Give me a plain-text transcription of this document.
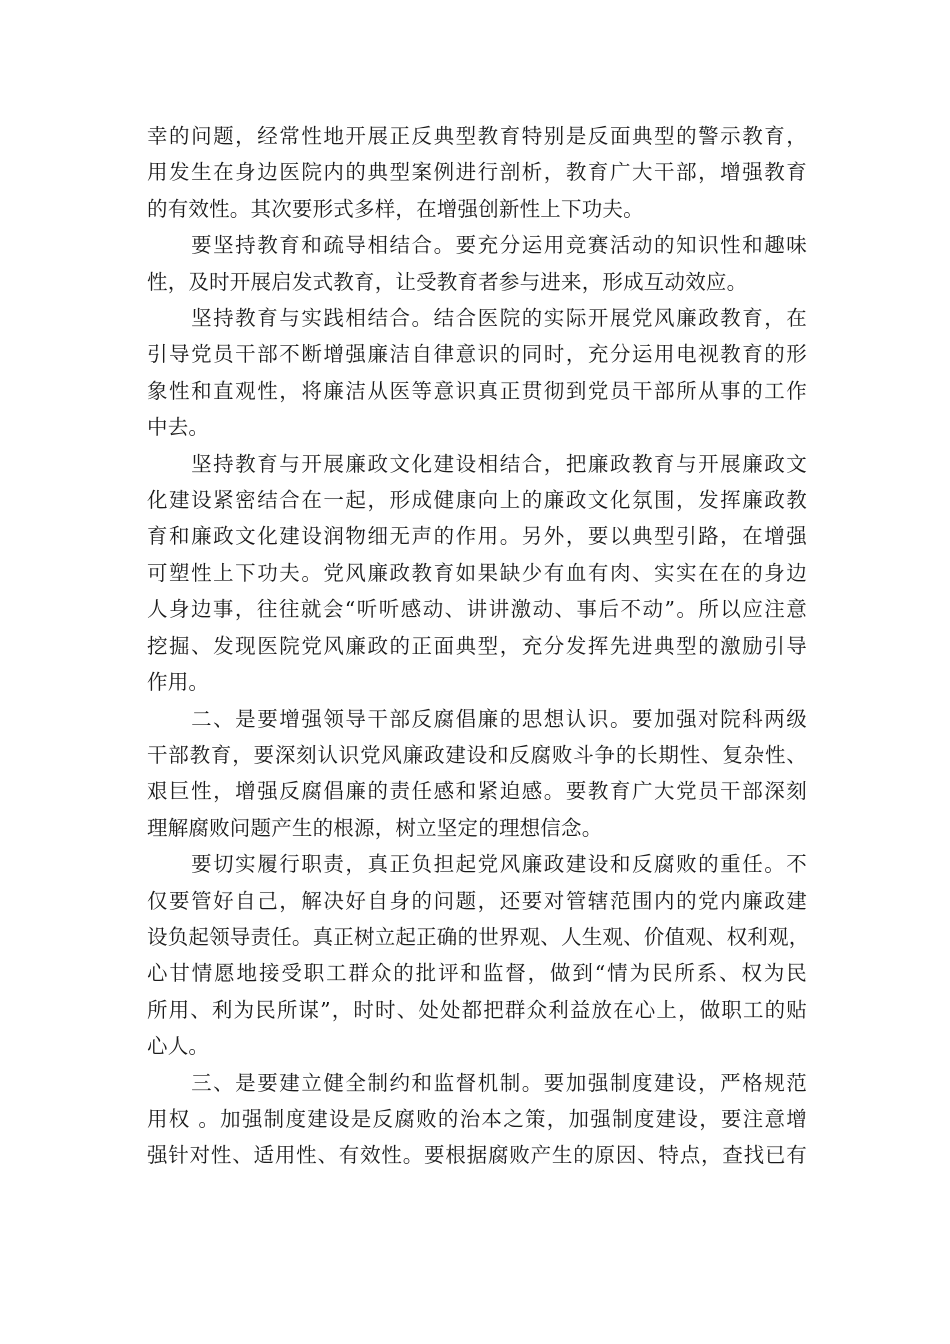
幸的问题，经常性地开展正反典型教育特别是反面典型的警示教育，
用发生在身边医院内的典型案例进行剖析，教育广大干部，增强教育
的有效性。其次要形式多样，在增强创新性上下功夫。
　　要坚持教育和疏导相结合。要充分运用竞赛活动的知识性和趣味
性，及时开展启发式教育，让受教育者参与进来，形成互动效应。
　　坚持教育与实践相结合。结合医院的实际开展党风廉政教育，在
引导党员干部不断增强廉洁自律意识的同时，充分运用电视教育的形
象性和直观性，将廉洁从医等意识真正贯彻到党员干部所从事的工作
中去。
　　坚持教育与开展廉政文化建设相结合，把廉政教育与开展廉政文
化建设紧密结合在一起，形成健康向上的廉政文化氛围，发挥廉政教
育和廉政文化建设润物细无声的作用。另外，要以典型引路，在增强
可塑性上下功夫。党风廉政教育如果缺少有血有肉、实实在在的身边
人身边事，往往就会“听听感动、讲讲激动、事后不动”。所以应注意
挖掘、发现医院党风廉政的正面典型，充分发挥先进典型的激励引导
作用。
　　二、是要增强领导干部反腐倡廉的思想认识。要加强对院科两级
干部教育，要深刻认识党风廉政建设和反腐败斗争的长期性、复杂性、
艰巨性，增强反腐倡廉的责任感和紧迫感。要教育广大党员干部深刻
理解腐败问题产生的根源，树立坚定的理想信念。
　　要切实履行职责，真正负担起党风廉政建设和反腐败的重任。不
仅要管好自己，解决好自身的问题，还要对管辖范围内的党内廉政建
设负起领导责任。真正树立起正确的世界观、人生观、价值观、权利观，
心甘情愿地接受职工群众的批评和监督，做到“情为民所系、权为民
所用、利为民所谋”，时时、处处都把群众利益放在心上，做职工的贴
心人。
　　三、是要建立健全制约和监督机制。要加强制度建设，严格规范
用权 。加强制度建设是反腐败的治本之策，加强制度建设，要注意增
强针对性、适用性、有效性。要根据腐败产生的原因、特点，查找已有
